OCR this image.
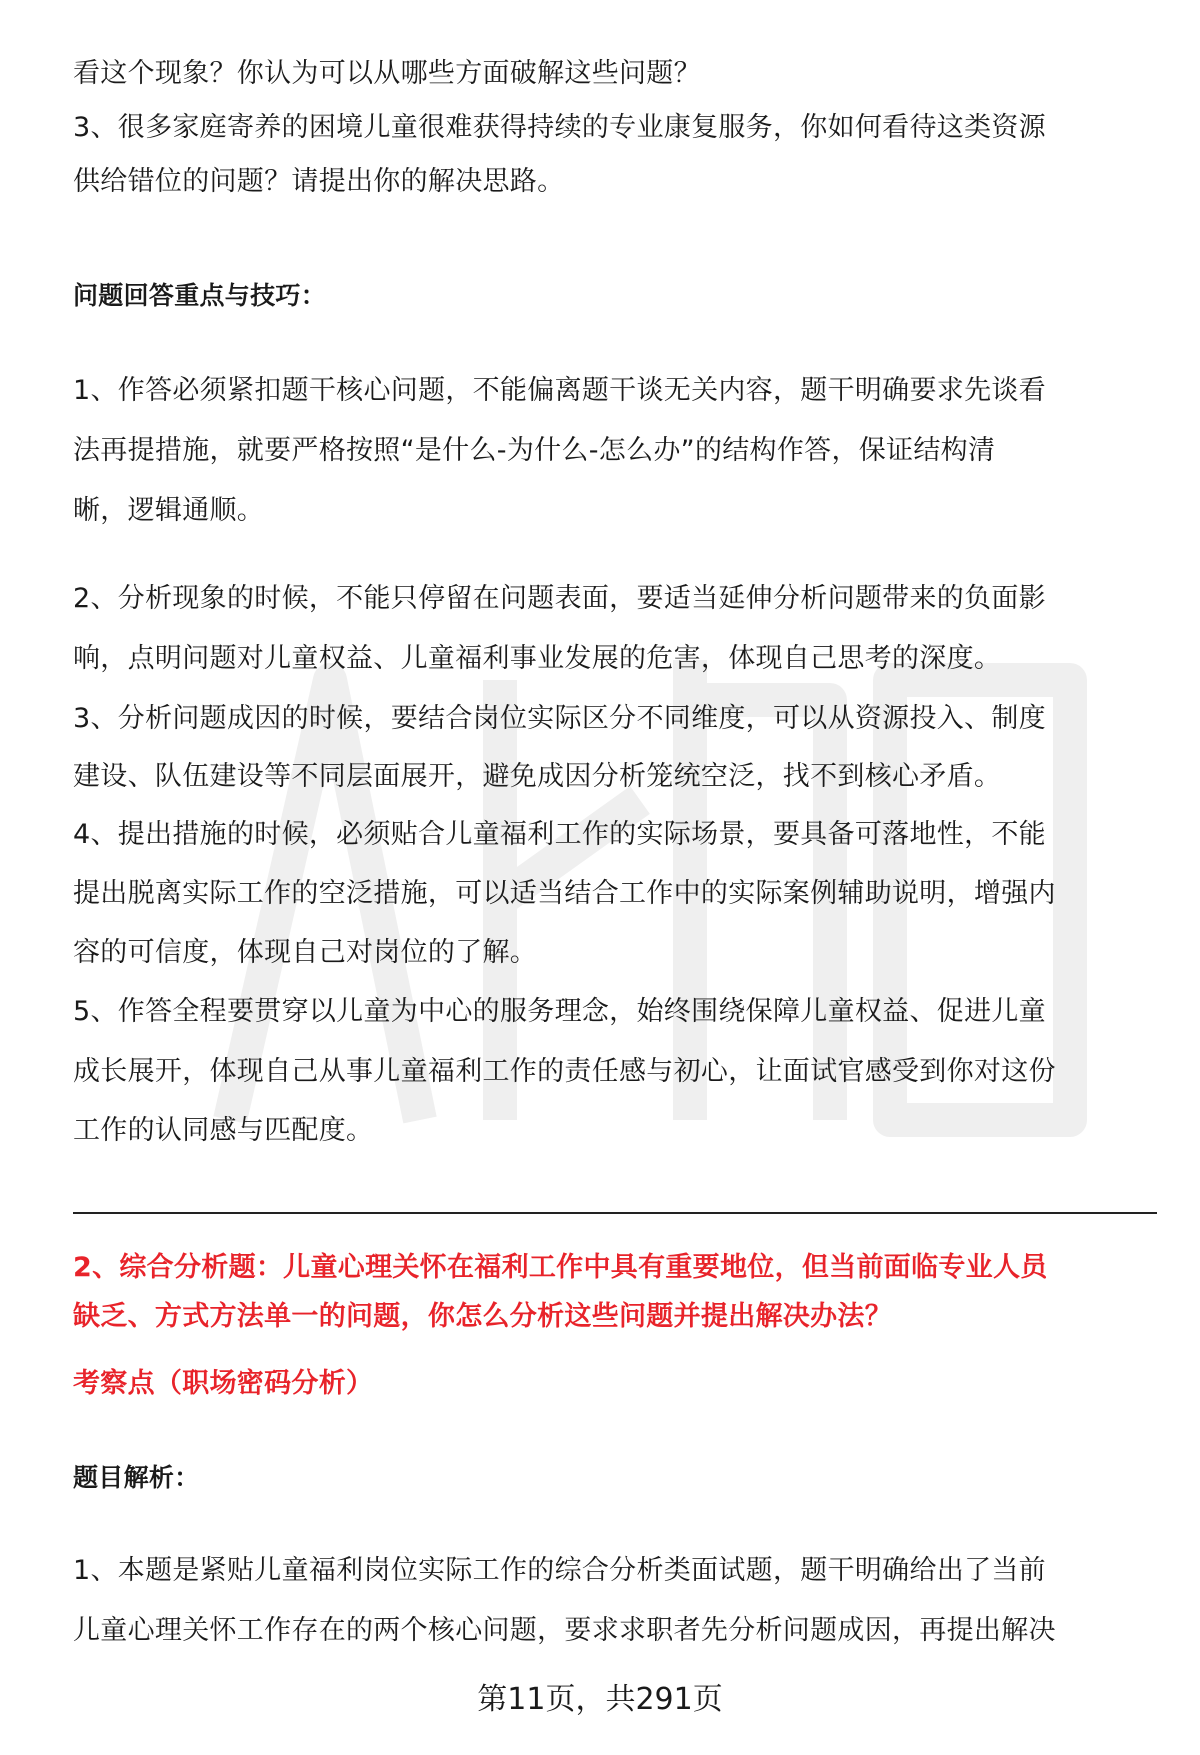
看这个现象？你认为可以从哪些方面破解这些问题？
3、很多家庭寄养的困境儿童很难获得持续的专业康复服务，你如何看待这类资源
供给错位的问题？请提出你的解决思路。
问题回答重点与技巧：
1、作答必须紧扣题干核心问题，不能偏离题干谈无关内容，题干明确要求先谈看
法再提措施，就要严格按照“是什么-为什么-怎么办”的结构作答，保证结构清
晰，逻辑通顺。
2、分析现象的时候，不能只停留在问题表面，要适当延伸分析问题带来的负面影
响，点明问题对儿童权益、儿童福利事业发展的危害，体现自己思考的深度。
3、分析问题成因的时候，要结合岗位实际区分不同维度，可以从资源投入、制度
建设、队伍建设等不同层面展开，避免成因分析笼统空泛，找不到核心矛盾。
4、提出措施的时候，必须贴合儿童福利工作的实际场景，要具备可落地性，不能
提出脱离实际工作的空泛措施，可以适当结合工作中的实际案例辅助说明，增强内
容的可信度，体现自己对岗位的了解。
5、作答全程要贯穿以儿童为中心的服务理念，始终围绕保障儿童权益、促进儿童
成长展开，体现自己从事儿童福利工作的责任感与初心，让面试官感受到你对这份
工作的认同感与匹配度。
2、综合分析题：儿童心理关怀在福利工作中具有重要地位，但当前面临专业人员
缺乏、方式方法单一的问题，你怎么分析这些问题并提出解决办法？
考察点（职场密码分析）
题目解析：
1、本题是紧贴儿童福利岗位实际工作的综合分析类面试题，题干明确给出了当前
儿童心理关怀工作存在的两个核心问题，要求求职者先分析问题成因，再提出解决
第11页，共291页
